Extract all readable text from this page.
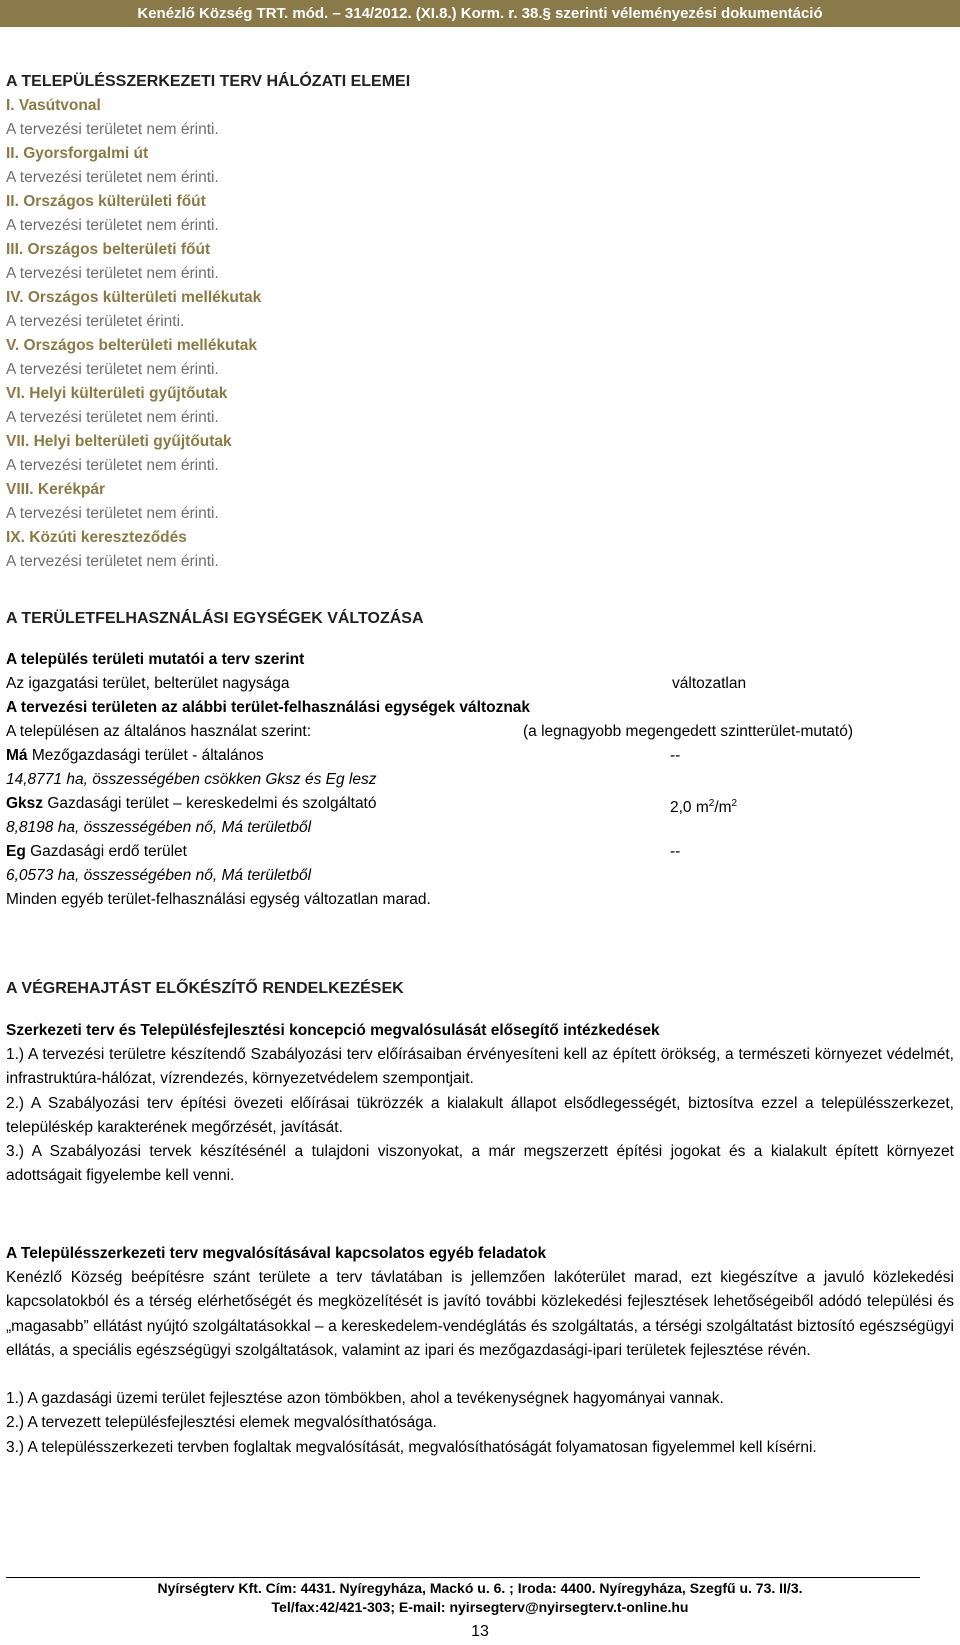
Kenézlő Község TRT. mód. – 314/2012. (XI.8.) Korm. r. 38.§ szerinti véleményezési dokumentáció
A TELEPÜLÉSSZERKEZETI TERV HÁLÓZATI ELEMEI
I. Vasútvonal
A tervezési területet nem érinti.
II. Gyorsforgalmi út
A tervezési területet nem érinti.
II. Országos külterületi főút
A tervezési területet nem érinti.
III. Országos belterületi főút
A tervezési területet nem érinti.
IV. Országos külterületi mellékutak
A tervezési területet érinti.
V. Országos belterületi mellékutak
A tervezési területet nem érinti.
VI. Helyi külterületi gyűjtőutak
A tervezési területet nem érinti.
VII. Helyi belterületi gyűjtőutak
A tervezési területet nem érinti.
VIII. Kerékpár
A tervezési területet nem érinti.
IX. Közúti kereszteződés
A tervezési területet nem érinti.
A TERÜLETFELHASZNÁLÁSI EGYSÉGEK VÁLTOZÁSA
A település területi mutatói a terv szerint
Az igazgatási terület, belterület nagysága	változatlan
A tervezési területen az alábbi terület-felhasználási egységek változnak
A településen az általános használat szerint:	(a legnagyobb megengedett szintterület-mutató)
Má Mezőgazdasági terület - általános	--
14,8771 ha, összességében csökken Gksz és Eg lesz
Gksz Gazdasági terület – kereskedelmi és szolgáltató	2,0 $m^2/m^2$
8,8198 ha, összességében nő, Má területből
Eg Gazdasági erdő terület	--
6,0573 ha, összességében nő, Má területből
Minden egyéb terület-felhasználási egység változatlan marad.
A VÉGREHAJTÁST ELŐKÉSZÍTŐ RENDELKEZÉSEK
Szerkezeti terv és Településfejlesztési koncepció megvalósulását elősegítő intézkedések
1.) A tervezési területre készítendő Szabályozási terv előírásaiban érvényesíteni kell az épített örökség, a természeti környezet védelmét, infrastruktúra-hálózat, vízrendezés, környezetvédelem szempontjait.
2.) A Szabályozási terv építési övezeti előírásai tükrözzék a kialakult állapot elsődlegességét, biztosítva ezzel a településszerkezet, településkép karakterének megőrzését, javítását.
3.) A Szabályozási tervek készítésénél a tulajdoni viszonyokat, a már megszerzett építési jogokat és a kialakult épített környezet adottságait figyelembe kell venni.
A Településszerkezeti terv megvalósításával kapcsolatos egyéb feladatok
Kenézlő Község beépítésre szánt területe a terv távlatában is jellemzően lakóterület marad, ezt kiegészítve a javuló közlekedési kapcsolatokból és a térség elérhetőségét és megközelítését is javító további közlekedési fejlesztések lehetőségeiből adódó települési és „magasabb” ellátást nyújtó szolgáltatásokkal – a kereskedelem-vendéglátás és szolgáltatás, a térségi szolgáltatást biztosító egészségügyi ellátás, a speciális egészségügyi szolgáltatások, valamint az ipari és mezőgazdasági-ipari területek fejlesztése révén.
1.) A gazdasági üzemi terület fejlesztése azon tömbökben, ahol a tevékenységnek hagyományai vannak.
2.) A tervezett településfejlesztési elemek megvalósíthatósága.
3.) A településszerkezeti tervben foglaltak megvalósítását, megvalósíthatóságát folyamatosan figyelemmel kell kísérni.
Nyírségterv Kft. Cím: 4431. Nyíregyháza, Mackó u. 6. ; Iroda: 4400. Nyíregyháza, Szegfű u. 73. II/3.
Tel/fax:42/421-303; E-mail: nyirsegterv@nyirsegterv.t-online.hu
13
